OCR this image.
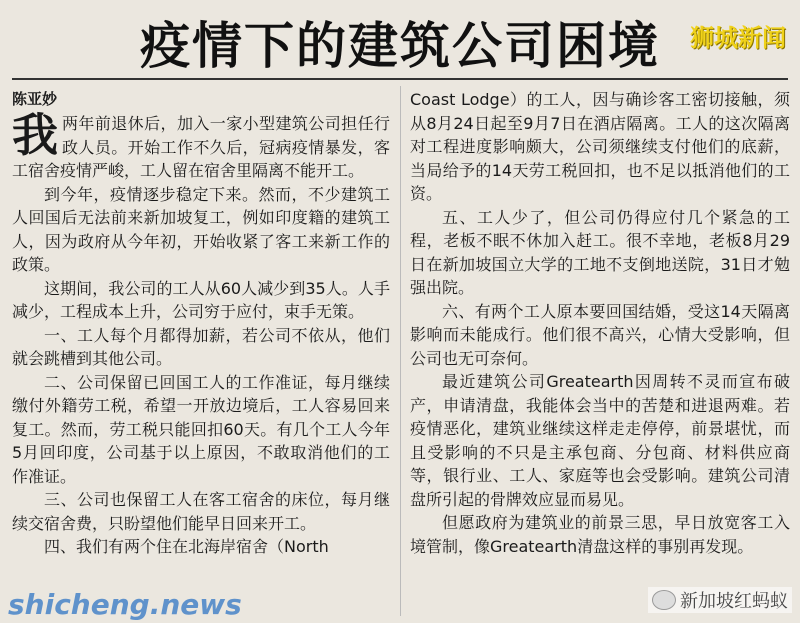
疫情下的建筑公司困境	狮城新闻
陈亚妙

我两年前退休后，加入一家小型建筑公司担任行政人员。开始工作不久后，冠病疫情暴发，客工宿舍疫情严峻，工人留在宿舍里隔离不能开工。

到今年，疫情逐步稳定下来。然而，不少建筑工人回国后无法前来新加坡复工，例如印度籍的建筑工人，因为政府从今年初，开始收紧了客工来新工作的政策。

这期间，我公司的工人从60人减少到35人。人手减少，工程成本上升，公司穷于应付，束手无策。

一、工人每个月都得加薪，若公司不依从，他们就会跳槽到其他公司。

二、公司保留已回国工人的工作准证，每月继续缴付外籍劳工税，希望一开放边境后，工人容易回来复工。然而，劳工税只能回扣60天。有几个工人今年5月回印度，公司基于以上原因，不敢取消他们的工作准证。

三、公司也保留工人在客工宿舍的床位，每月继续交宿舍费，只盼望他们能早日回来开工。

四、我们有两个住在北海岸宿舍（North

Coast Lodge）的工人，因与确诊客工密切接触，须从8月24日起至9月7日在酒店隔离。工人的这次隔离对工程进度影响颇大，公司须继续支付他们的底薪，当局给予的14天劳工税回扣，也不足以抵消他们的工资。

五、工人少了，但公司仍得应付几个紧急的工程，老板不眠不休加入赶工。很不幸地，老板8月29日在新加坡国立大学的工地不支倒地送院，31日才勉强出院。

六、有两个工人原本要回国结婚，受这14天隔离影响而未能成行。他们很不高兴，心情大受影响，但公司也无可奈何。

最近建筑公司Greatearth因周转不灵而宣布破产，申请清盘，我能体会当中的苦楚和进退两难。若疫情恶化，建筑业继续这样走走停停，前景堪忧，而且受影响的不只是主承包商、分包商、材料供应商等，银行业、工人、家庭等也会受影响。建筑公司清盘所引起的骨牌效应显而易见。

但愿政府为建筑业的前景三思，早日放宽客工入境管制，像Greatearth清盘这样的事别再发现。

shicheng.news	新加坡红蚂蚁
